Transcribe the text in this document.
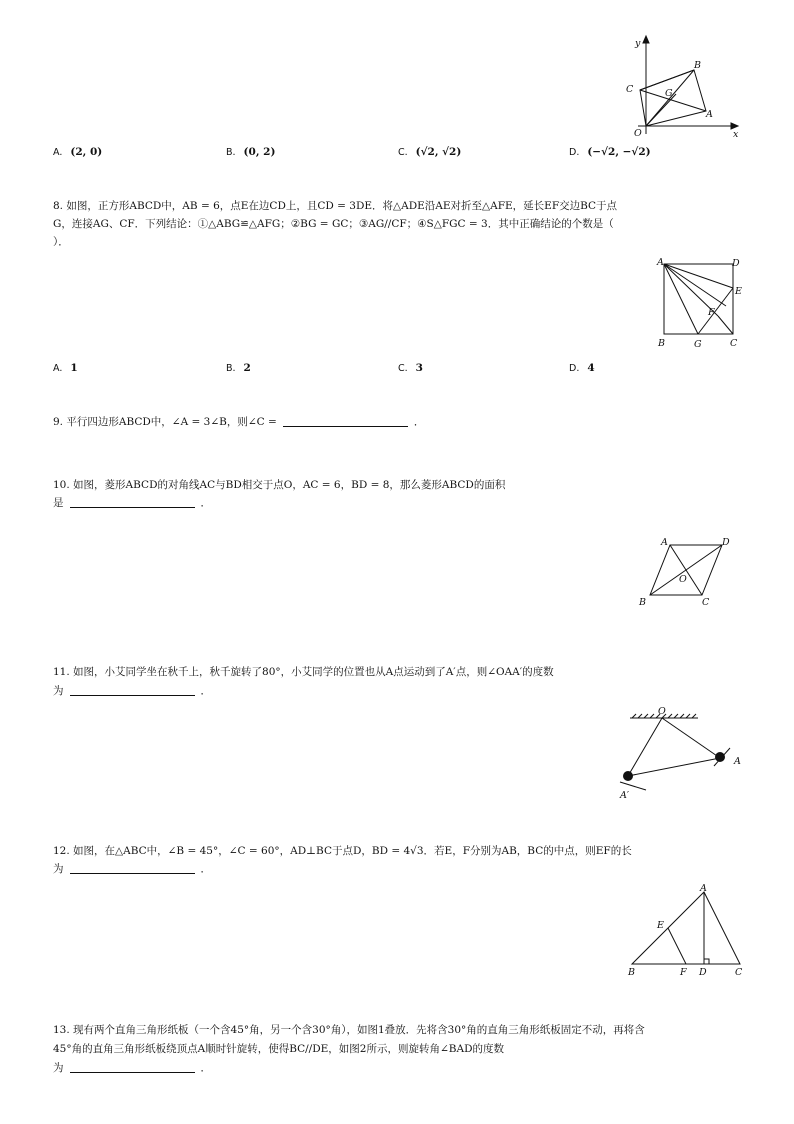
y
x
O
A
B
C	G
A. (2, 0)	B. (0, 2)	C. (√2, √2)	D. (−√2, −√2)
8. 如图，正方形ABCD中，AB = 6，点E在边CD上，且CD = 3DE．将△ADE沿AE对折至△AFE，延长EF交边BC于点
G，连接AG、CF．下列结论：①△ABG≌△AFG；②BG = GC；③AG//CF；④S△FGC = 3．其中正确结论的个数是（
）．
A	D
E
F
B	G	C
A. 1	B. 2	C. 3	D. 4
9. 平行四边形ABCD中，∠A = 3∠B，则∠C =	．
10. 如图，菱形ABCD的对角线AC与BD相交于点O，AC = 6，BD = 8，那么菱形ABCD的面积
是	．
A	D
O
B	C
11. 如图，小艾同学坐在秋千上，秋千旋转了80°，小艾同学的位置也从A点运动到了A′点，则∠OAA′的度数
为	．
O
A
A′
12. 如图，在△ABC中，∠B = 45°，∠C = 60°，AD⊥BC于点D，BD = 4√3．若E，F分别为AB，BC的中点，则EF的长
为	．
A
E
B	F D	C
13. 现有两个直角三角形纸板（一个含45°角，另一个含30°角），如图1叠放．先将含30°角的直角三角形纸板固定不动，再将含
45°角的直角三角形纸板绕顶点A顺时针旋转，使得BC//DE，如图2所示，则旋转角∠BAD的度数
为	．
